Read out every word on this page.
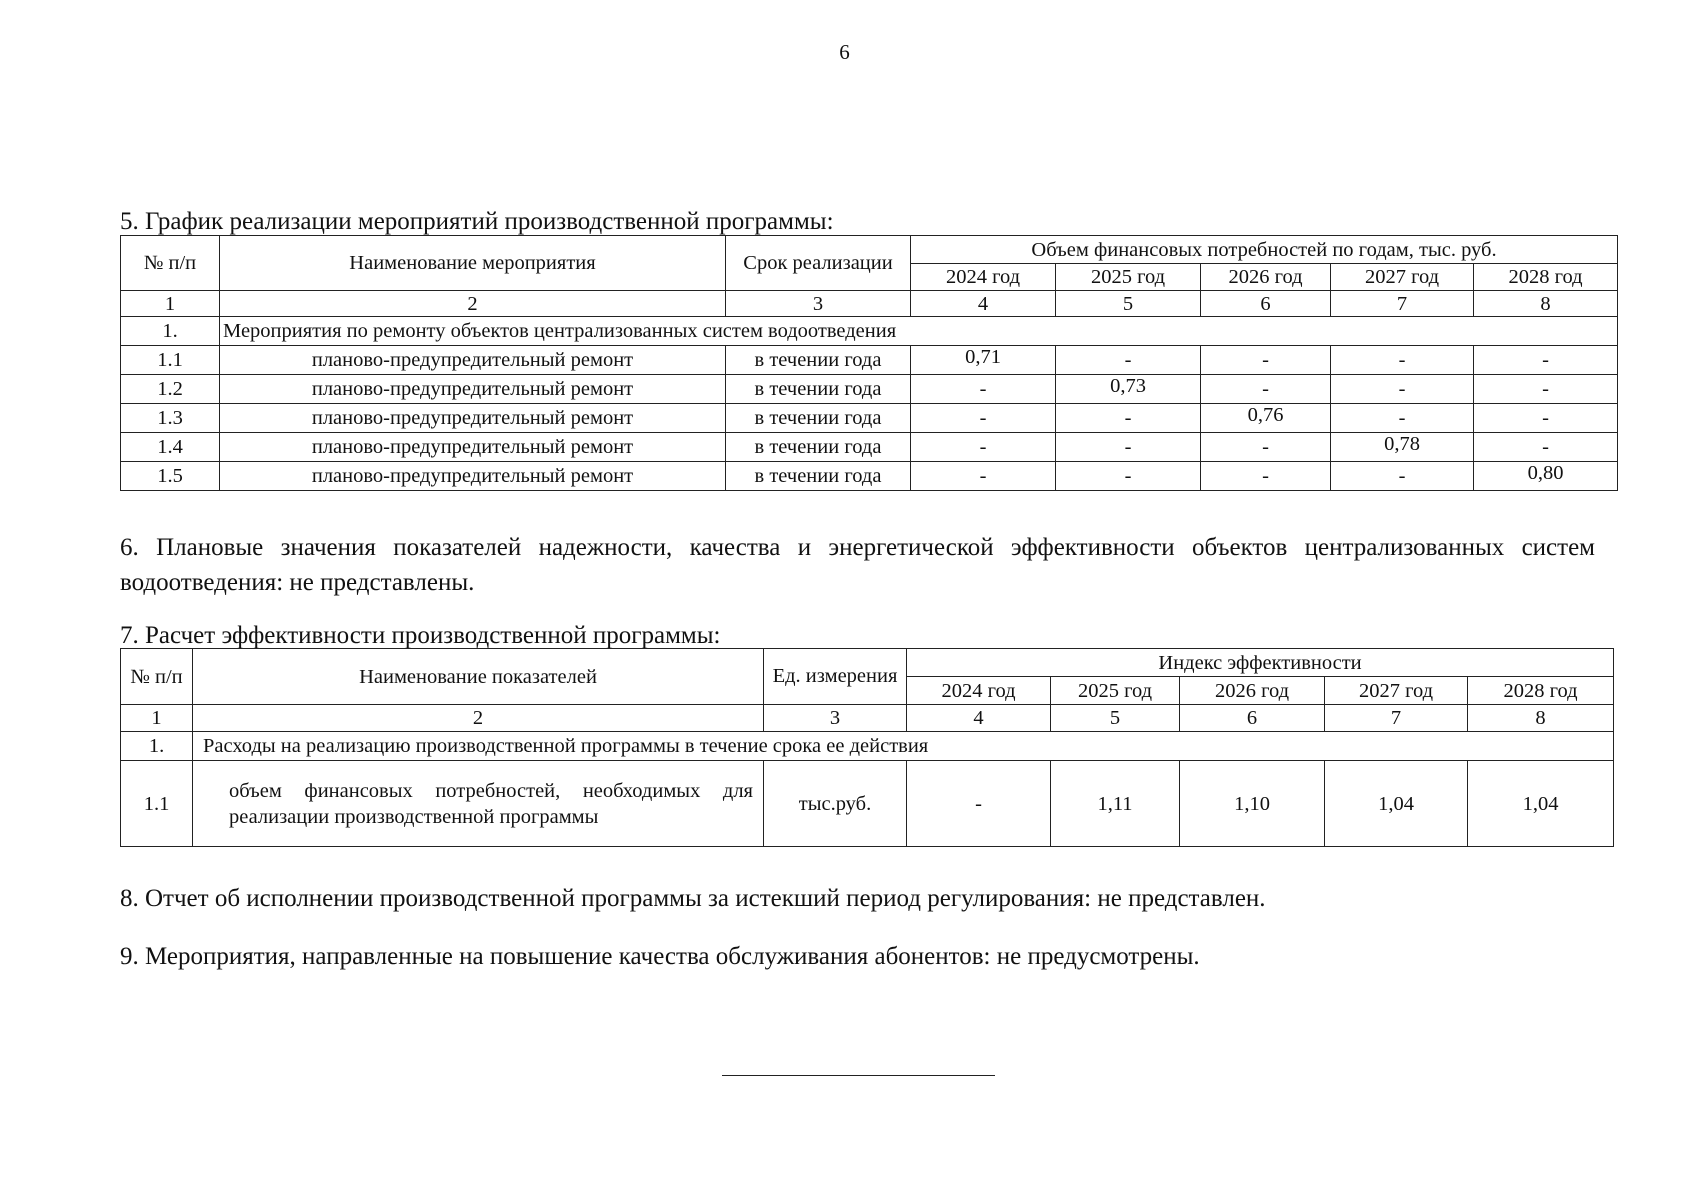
6
5. График реализации мероприятий производственной программы:
№ п/п	Наименование мероприятия	Срок реализации	Объем финансовых потребностей по годам, тыс. руб.				
			2024 год	2025 год	2026 год	2027 год	2028 год
1	2	3	4	5	6	7	8
1.	Мероприятия по ремонту объектов централизованных систем водоотведения						
1.1	планово-предупредительный ремонт	в течении года	0,71	-	-	-	-
1.2	планово-предупредительный ремонт	в течении года	-	0,73	-	-	-
1.3	планово-предупредительный ремонт	в течении года	-	-	0,76	-	-
1.4	планово-предупредительный ремонт	в течении года	-	-	-	0,78	-
1.5	планово-предупредительный ремонт	в течении года	-	-	-	-	0,80
6. Плановые значения показателей надежности, качества и энергетической эффективности объектов централизованных систем водоотведения: не представлены.
7. Расчет эффективности производственной программы:
№ п/п	Наименование показателей	Ед. измерения	Индекс эффективности				
			2024 год	2025 год	2026 год	2027 год	2028 год
1	2	3	4	5	6	7	8
1.	Расходы на реализацию производственной программы в течение срока ее действия						
1.1	объем финансовых потребностей, необходимых для реализации производственной программы	тыс.руб.	-	1,11	1,10	1,04	1,04
8. Отчет об исполнении производственной программы за истекший период регулирования: не представлен.
9. Мероприятия, направленные на повышение качества обслуживания абонентов: не предусмотрены.
